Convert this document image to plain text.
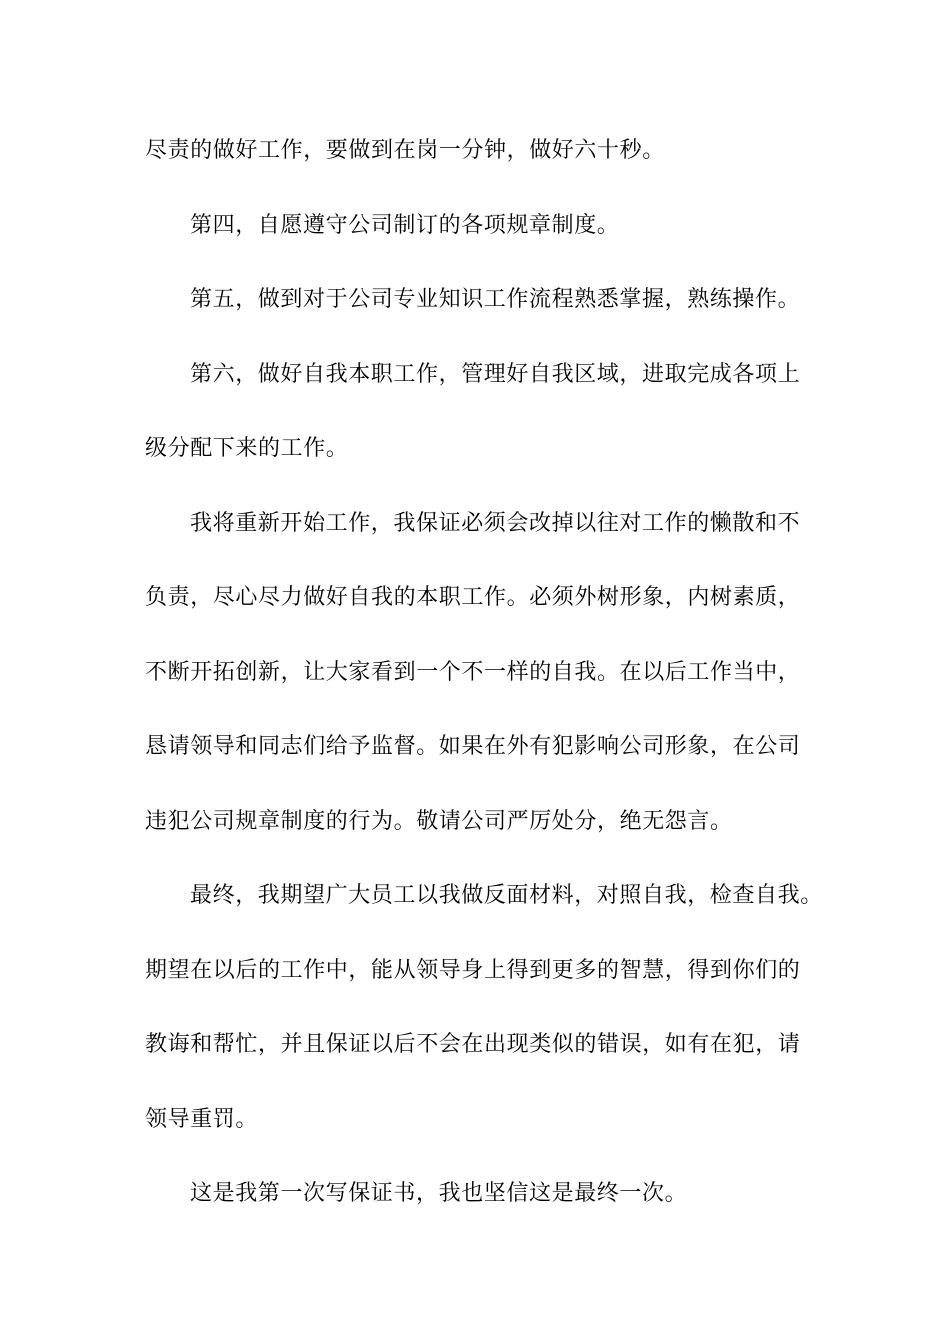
尽责的做好工作，要做到在岗一分钟，做好六十秒。
第四，自愿遵守公司制订的各项规章制度。
第五，做到对于公司专业知识工作流程熟悉掌握，熟练操作。
第六，做好自我本职工作，管理好自我区域，进取完成各项上
级分配下来的工作。
我将重新开始工作，我保证必须会改掉以往对工作的懒散和不
负责，尽心尽力做好自我的本职工作。必须外树形象，内树素质，
不断开拓创新，让大家看到一个不一样的自我。在以后工作当中，
恳请领导和同志们给予监督。如果在外有犯影响公司形象，在公司
违犯公司规章制度的行为。敬请公司严厉处分，绝无怨言。
最终，我期望广大员工以我做反面材料，对照自我，检查自我。
期望在以后的工作中，能从领导身上得到更多的智慧，得到你们的
教诲和帮忙，并且保证以后不会在出现类似的错误，如有在犯，请
领导重罚。
这是我第一次写保证书，我也坚信这是最终一次。
